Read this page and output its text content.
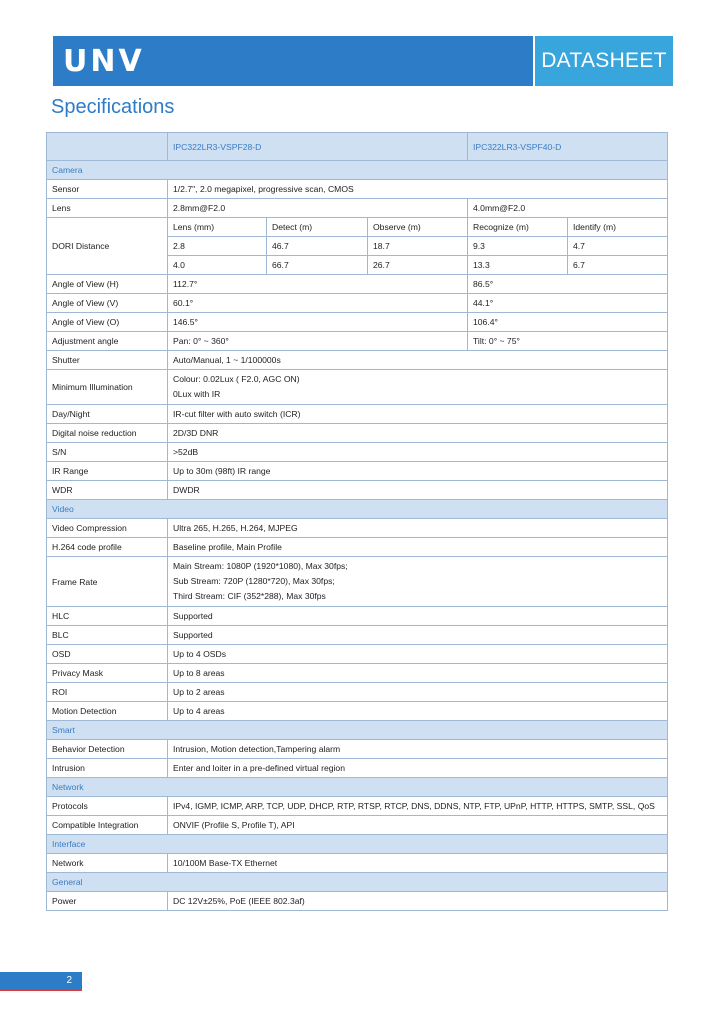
UNV	DATASHEET
Specifications
	IPC322LR3-VSPF28-D			IPC322LR3-VSPF40-D	
Camera					
Sensor	1/2.7", 2.0 megapixel, progressive scan, CMOS				
Lens	2.8mm@F2.0			4.0mm@F2.0	
DORI Distance	Lens (mm)	Detect (m)	Observe (m)	Recognize (m)	Identify (m)
	2.8	46.7	18.7	9.3	4.7
	4.0	66.7	26.7	13.3	6.7
Angle of View (H)	112.7°			86.5°	
Angle of View (V)	60.1°			44.1°	
Angle of View (O)	146.5°			106.4°	
Adjustment angle	Pan: 0° ~ 360°			Tilt: 0° ~ 75°	
Shutter	Auto/Manual, 1 ~ 1/100000s				
Minimum Illumination	Colour: 0.02Lux ( F2.0, AGC ON)
0Lux with IR				

Day/Night	IR-cut filter with auto switch (ICR)				
Digital noise reduction	2D/3D DNR				
S/N	>52dB				
IR Range	Up to 30m (98ft) IR range				
WDR	DWDR				
Video					
Video Compression	Ultra 265, H.265, H.264, MJPEG				
H.264 code profile	Baseline profile, Main Profile				
Frame Rate	Main Stream: 1080P (1920*1080), Max 30fps;
Sub Stream: 720P (1280*720), Max 30fps;
Third Stream: CIF (352*288), Max 30fps				

HLC	Supported				
BLC	Supported				
OSD	Up to 4 OSDs				
Privacy Mask	Up to 8 areas				
ROI	Up to 2 areas				
Motion Detection	Up to 4 areas				
Smart					
Behavior Detection	Intrusion, Motion detection,Tampering alarm				
Intrusion	Enter and loiter in a pre-defined virtual region				
Network					
Protocols	IPv4, IGMP, ICMP, ARP, TCP, UDP, DHCP, RTP, RTSP, RTCP, DNS, DDNS, NTP, FTP, UPnP, HTTP, HTTPS, SMTP, SSL, QoS				
Compatible Integration	ONVIF (Profile S, Profile T), API				
Interface					
Network	10/100M Base-TX Ethernet				
General					
Power	DC 12V±25%, PoE (IEEE 802.3af)				
2
